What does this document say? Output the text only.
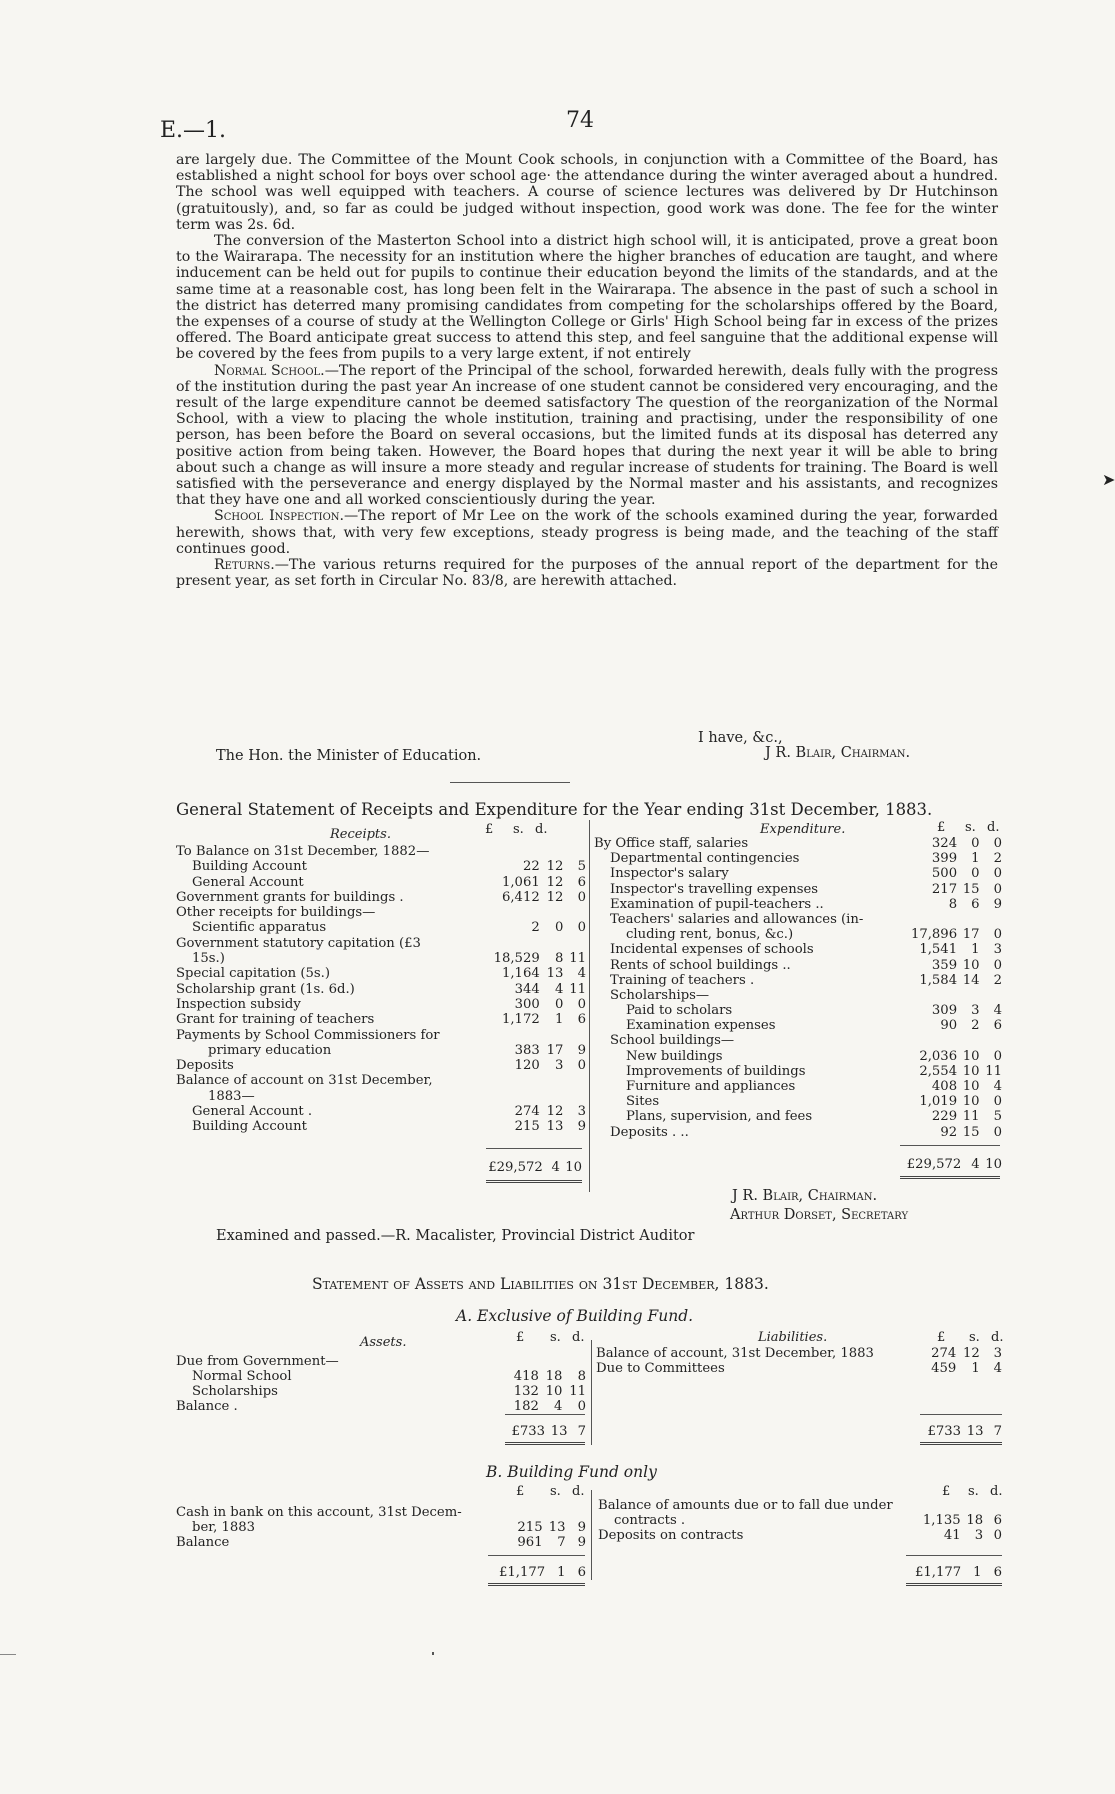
E.—1.	74

are largely due. The Committee of the Mount Cook schools, in conjunction with a Committee of the Board, has established a night school for boys over school age· the attendance during the winter averaged about a hundred. The school was well equipped with teachers. A course of science lectures was delivered by Dr Hutchinson (gratuitously), and, so far as could be judged without inspection, good work was done. The fee for the winter term was 2s. 6d.

The conversion of the Masterton School into a district high school will, it is anticipated, prove a great boon to the Wairarapa. The necessity for an institution where the higher branches of education are taught, and where inducement can be held out for pupils to continue their education beyond the limits of the standards, and at the same time at a reasonable cost, has long been felt in the Wairarapa. The absence in the past of such a school in the district has deterred many promising candidates from competing for the scholarships offered by the Board, the expenses of a course of study at the Wellington College or Girls' High School being far in excess of the prizes offered. The Board anticipate great success to attend this step, and feel sanguine that the additional expense will be covered by the fees from pupils to a very large extent, if not entirely

Normal School.—The report of the Principal of the school, forwarded herewith, deals fully with the progress of the institution during the past year An increase of one student cannot be considered very encouraging, and the result of the large expenditure cannot be deemed satisfactory The question of the reorganization of the Normal School, with a view to placing the whole institution, training and practising, under the responsibility of one person, has been before the Board on several occasions, but the limited funds at its disposal has deterred any positive action from being taken. However, the Board hopes that during the next year it will be able to bring about such a change as will insure a more steady and regular increase of students for training. The Board is well satisfied with the perseverance and energy displayed by the Normal master and his assistants, and recognizes that they have one and all worked conscientiously during the year.

School Inspection.—The report of Mr Lee on the work of the schools examined during the year, forwarded herewith, shows that, with very few exceptions, steady progress is being made, and the teaching of the staff continues good.

Returns.—The various returns required for the purposes of the annual report of the department for the present year, as set forth in Circular No. 83/8, are herewith attached.

I have, &c.,
The Hon. the Minister of Education.	J R. Blair, Chairman.
General Statement of Receipts and Expenditure for the Year ending 31st December, 1883.
Receipts.	£ s. d.	Expenditure.	£ s. d.
To Balance on 31st December, 1882—			
Building Account	22	12	5
General Account	1,061	12	6
Government grants for buildings .	6,412	12	0
Other receipts for buildings—			
Scientific apparatus	2	0	0
Government statutory capitation (£3			
15s.)	18,529	8	11
Special capitation (5s.)	1,164	13	4
Scholarship grant (1s. 6d.)	344	4	11
Inspection subsidy	300	0	0
Grant for training of teachers	1,172	1	6
Payments by School Commissioners for			
primary education	383	17	9
Deposits	120	3	0
Balance of account on 31st December,			
1883—			
General Account .	274	12	3
Building Account	215	13	9
By Office staff, salaries	324	0	0
Departmental contingencies	399	1	2
Inspector's salary	500	0	0
Inspector's travelling expenses	217	15	0
Examination of pupil-teachers ..	8	6	9
Teachers' salaries and allowances (in-			
cluding rent, bonus, &c.)	17,896	17	0
Incidental expenses of schools	1,541	1	3
Rents of school buildings ..	359	10	0
Training of teachers .	1,584	14	2
Scholarships—			
Paid to scholars	309	3	4
Examination expenses	90	2	6
School buildings—			
New buildings	2,036	10	0
Improvements of buildings	2,554	10	11
Furniture and appliances	408	10	4
Sites	1,019	10	0
Plans, supervision, and fees	229	11	5
Deposits . ..	92	15	0
£29,572	4	10	£29,572	4	10
J R. Blair, Chairman.
Arthur Dorset, Secretary
Examined and passed.—R. Macalister, Provincial District Auditor
Statement of Assets and Liabilities on 31st December, 1883.
A. Exclusive of Building Fund.
Assets.	£ s. d.	Liabilities.	£ s. d.
Due from Government—			
Normal School	418	18	8
Scholarships	132	10	11
Balance .	182	4	0
Balance of account, 31st December, 1883	274	12	3
Due to Committees	459	1	4
£733	13	7	£733	13	7
B. Building Fund only
£ s. d.	£ s. d.
Cash in bank on this account, 31st Decem-			
ber, 1883	215	13	9
Balance	961	7	9
Balance of amounts due or to fall due under			
contracts .	1,135	18	6
Deposits on contracts	41	3	0
£1,177	1	6	£1,177	1	6
➤
